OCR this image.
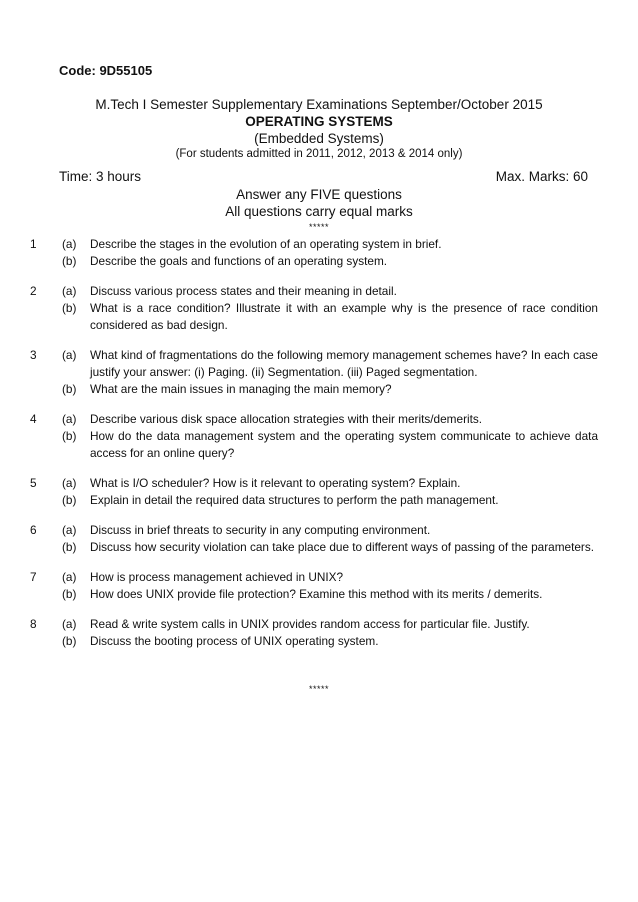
Code: 9D55105
M.Tech I Semester Supplementary Examinations September/October 2015
OPERATING SYSTEMS
(Embedded Systems)
(For students admitted in 2011, 2012, 2013 & 2014 only)
Time: 3 hours	Max. Marks: 60
Answer any FIVE questions
All questions carry equal marks
*****
1	(a)	Describe the stages in the evolution of an operating system in brief.
(b)	Describe the goals and functions of an operating system.
2	(a)	Discuss various process states and their meaning in detail.
(b)	What is a race condition? Illustrate it with an example why is the presence of race condition considered as bad design.
3	(a)	What kind of fragmentations do the following memory management schemes have? In each case justify your answer: (i) Paging. (ii) Segmentation. (iii) Paged segmentation.
(b)	What are the main issues in managing the main memory?
4	(a)	Describe various disk space allocation strategies with their merits/demerits.
(b)	How do the data management system and the operating system communicate to achieve data access for an online query?
5	(a)	What is I/O scheduler? How is it relevant to operating system? Explain.
(b)	Explain in detail the required data structures to perform the path management.
6	(a)	Discuss in brief threats to security in any computing environment.
(b)	Discuss how security violation can take place due to different ways of passing of the parameters.
7	(a)	How is process management achieved in UNIX?
(b)	How does UNIX provide file protection? Examine this method with its merits / demerits.
8	(a)	Read & write system calls in UNIX provides random access for particular file. Justify.
(b)	Discuss the booting process of UNIX operating system.
*****
